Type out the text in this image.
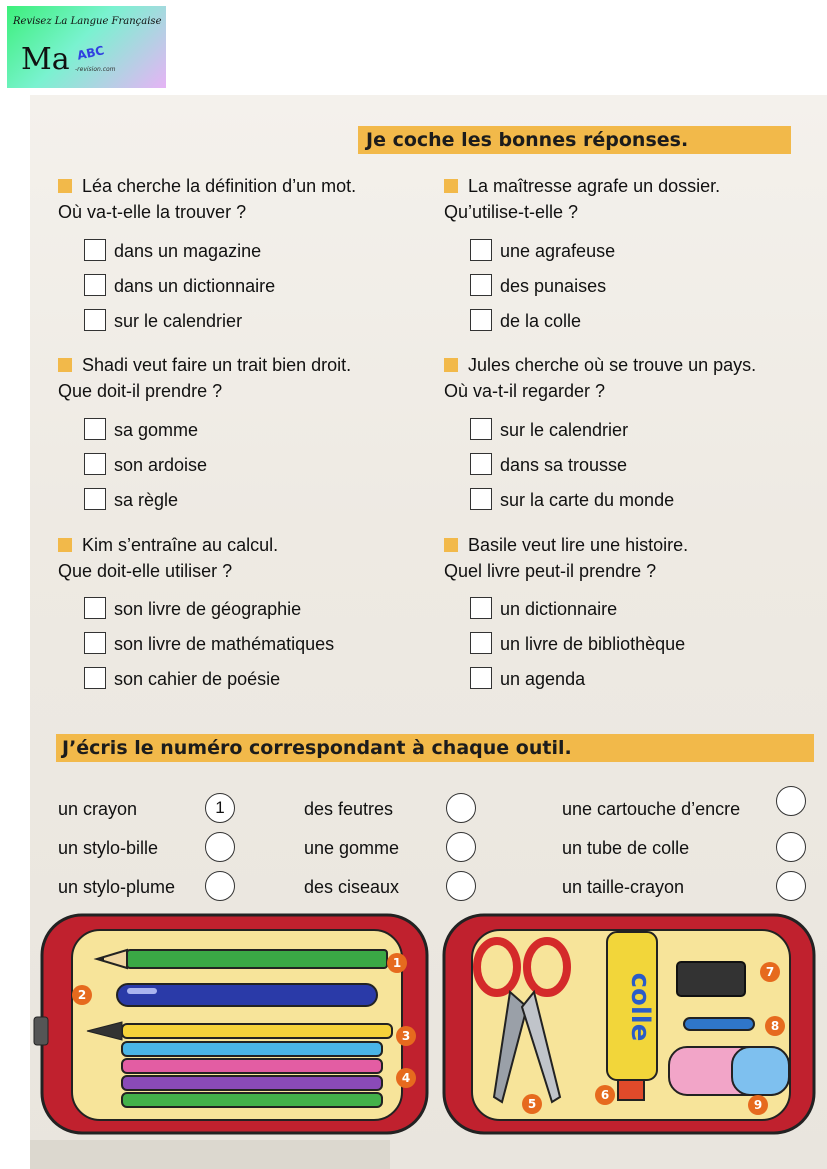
Revisez La Langue Française
Ma ABC
-revision.com
Je coche les bonnes réponses.
Léa cherche la définition d’un mot.
Où va-t-elle la trouver ?
dans un magazine
dans un dictionnaire
sur le calendrier
La maîtresse agrafe un dossier.
Qu’utilise-t-elle ?
une agrafeuse
des punaises
de la colle
Shadi veut faire un trait bien droit.
Que doit-il prendre ?
sa gomme
son ardoise
sa règle
Jules cherche où se trouve un pays.
Où va-t-il regarder ?
sur le calendrier
dans sa trousse
sur la carte du monde
Kim s’entraîne au calcul.
Que doit-elle utiliser ?
son livre de géographie
son livre de mathématiques
son cahier de poésie
Basile veut lire une histoire.
Quel livre peut-il prendre ?
un dictionnaire
un livre de bibliothèque
un agenda
J’écris le numéro correspondant à chaque outil.
un crayon	1
un stylo-bille
un stylo-plume
des feutres
une gomme
des ciseaux
une cartouche d’encre
un tube de colle
un taille-crayon
colle
1
2
3
4
5
6
7
8
9
